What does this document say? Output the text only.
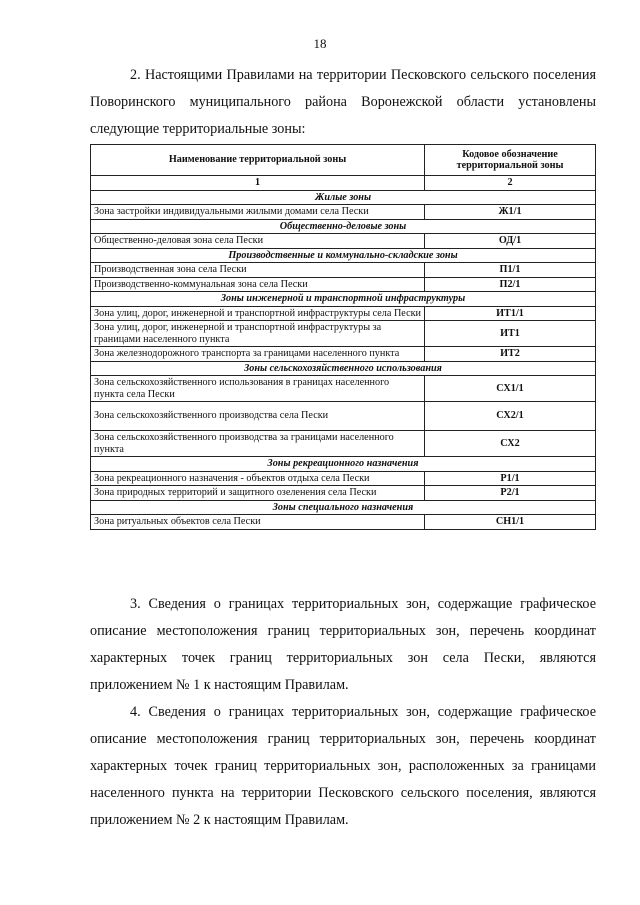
18

2. Настоящими Правилами на территории Песковского сельского поселения Поворинского муниципального района Воронежской области установлены следующие территориальные зоны:

Наименование территориальной зоны	Кодовое обозначение территориальной зоны
1	2
Жилые зоны	
Зона застройки индивидуальными жилыми домами села Пески	Ж1/1
Общественно-деловые зоны	
Общественно-деловая зона села Пески	ОД/1
Производственные и коммунально-складские зоны	
Производственная зона села Пески	П1/1
Производственно-коммунальная зона села Пески	П2/1
Зоны инженерной и транспортной инфраструктуры	
Зона улиц, дорог, инженерной и транспортной инфраструктуры села Пески	ИТ1/1
Зона улиц, дорог, инженерной и транспортной инфраструктуры за границами населенного пункта	ИТ1
Зона железнодорожного транспорта за границами населенного пункта	ИТ2
Зоны сельскохозяйственного использования	
Зона сельскохозяйственного использования в границах населенного пункта села Пески	СХ1/1
Зона сельскохозяйственного производства села Пески	СХ2/1
Зона сельскохозяйственного производства за границами населенного пункта	СХ2
Зоны рекреационного назначения	
Зона рекреационного назначения - объектов отдыха села Пески	Р1/1
Зона природных территорий и защитного озеленения села Пески	Р2/1
Зоны специального назначения	
Зона ритуальных объектов села Пески	СН1/1

3. Сведения о границах территориальных зон, содержащие графическое описание местоположения границ территориальных зон, перечень координат характерных точек границ территориальных зон села Пески, являются приложением № 1 к настоящим Правилам.

4. Сведения о границах территориальных зон, содержащие графическое описание местоположения границ территориальных зон, перечень координат характерных точек границ территориальных зон, расположенных за границами населенного пункта на территории Песковского сельского поселения, являются приложением № 2 к настоящим Правилам.
